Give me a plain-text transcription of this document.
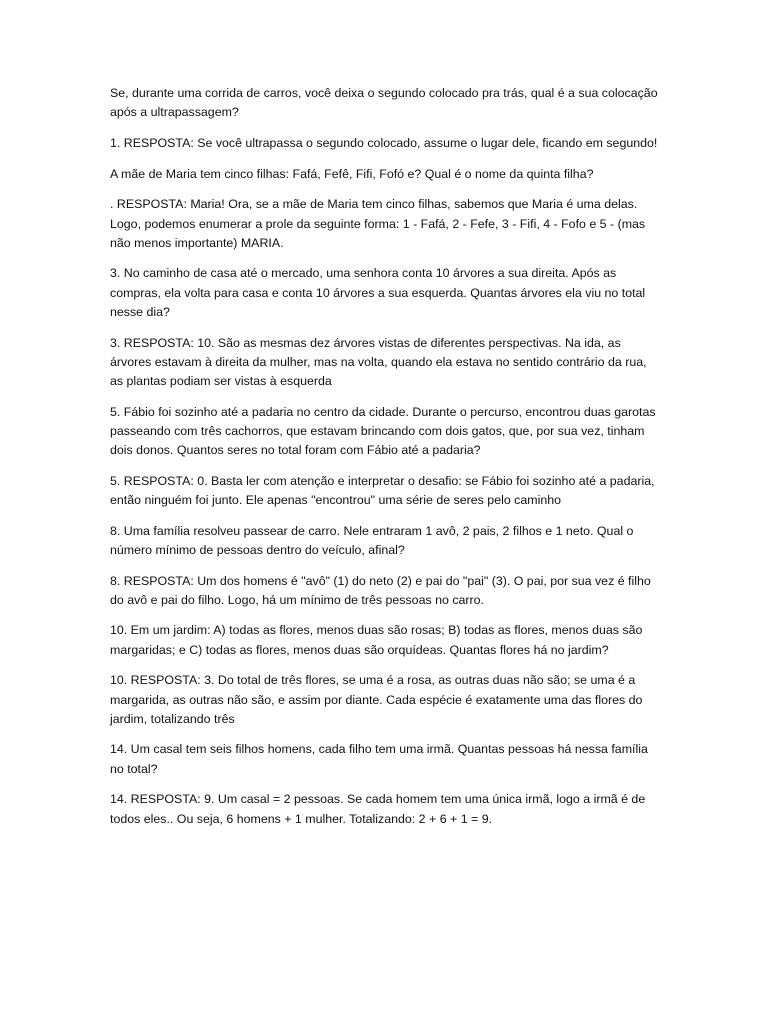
Se, durante uma corrida de carros, você deixa o segundo colocado pra trás, qual é a sua colocação após a ultrapassagem?

1. RESPOSTA: Se você ultrapassa o segundo colocado, assume o lugar dele, ficando em segundo!

A mãe de Maria tem cinco filhas: Fafá, Fefê, Fifi, Fofó e? Qual é o nome da quinta filha?

. RESPOSTA: Maria! Ora, se a mãe de Maria tem cinco filhas, sabemos que Maria é uma delas. Logo, podemos enumerar a prole da seguinte forma: 1 - Fafá, 2 - Fefe, 3 - Fifi, 4 - Fofo e 5 - (mas não menos importante) MARIA.

3. No caminho de casa até o mercado, uma senhora conta 10 árvores a sua direita. Após as compras, ela volta para casa e conta 10 árvores a sua esquerda. Quantas árvores ela viu no total nesse dia?

3. RESPOSTA: 10. São as mesmas dez árvores vistas de diferentes perspectivas. Na ida, as árvores estavam à direita da mulher, mas na volta, quando ela estava no sentido contrário da rua, as plantas podiam ser vistas à esquerda

5. Fábio foi sozinho até a padaria no centro da cidade. Durante o percurso, encontrou duas garotas passeando com três cachorros, que estavam brincando com dois gatos, que, por sua vez, tinham dois donos. Quantos seres no total foram com Fábio até a padaria?

5. RESPOSTA: 0. Basta ler com atenção e interpretar o desafio: se Fábio foi sozinho até a padaria, então ninguém foi junto. Ele apenas "encontrou" uma série de seres pelo caminho

8. Uma família resolveu passear de carro. Nele entraram 1 avô, 2 pais, 2 filhos e 1 neto. Qual o número mínimo de pessoas dentro do veículo, afinal?

8. RESPOSTA: Um dos homens é "avô" (1) do neto (2) e pai do "pai" (3). O pai, por sua vez é filho do avô e pai do filho. Logo, há um mínimo de três pessoas no carro.

10. Em um jardim: A) todas as flores, menos duas são rosas; B) todas as flores, menos duas são margaridas; e C) todas as flores, menos duas são orquídeas. Quantas flores há no jardim?

10. RESPOSTA: 3. Do total de três flores, se uma é a rosa, as outras duas não são; se uma é a margarida, as outras não são, e assim por diante. Cada espécie é exatamente uma das flores do jardim, totalizando três

14. Um casal tem seis filhos homens, cada filho tem uma irmã. Quantas pessoas há nessa família no total?

14. RESPOSTA: 9. Um casal = 2 pessoas. Se cada homem tem uma única irmã, logo a irmã é de todos eles.. Ou seja, 6 homens + 1 mulher. Totalizando: 2 + 6 + 1 = 9.
